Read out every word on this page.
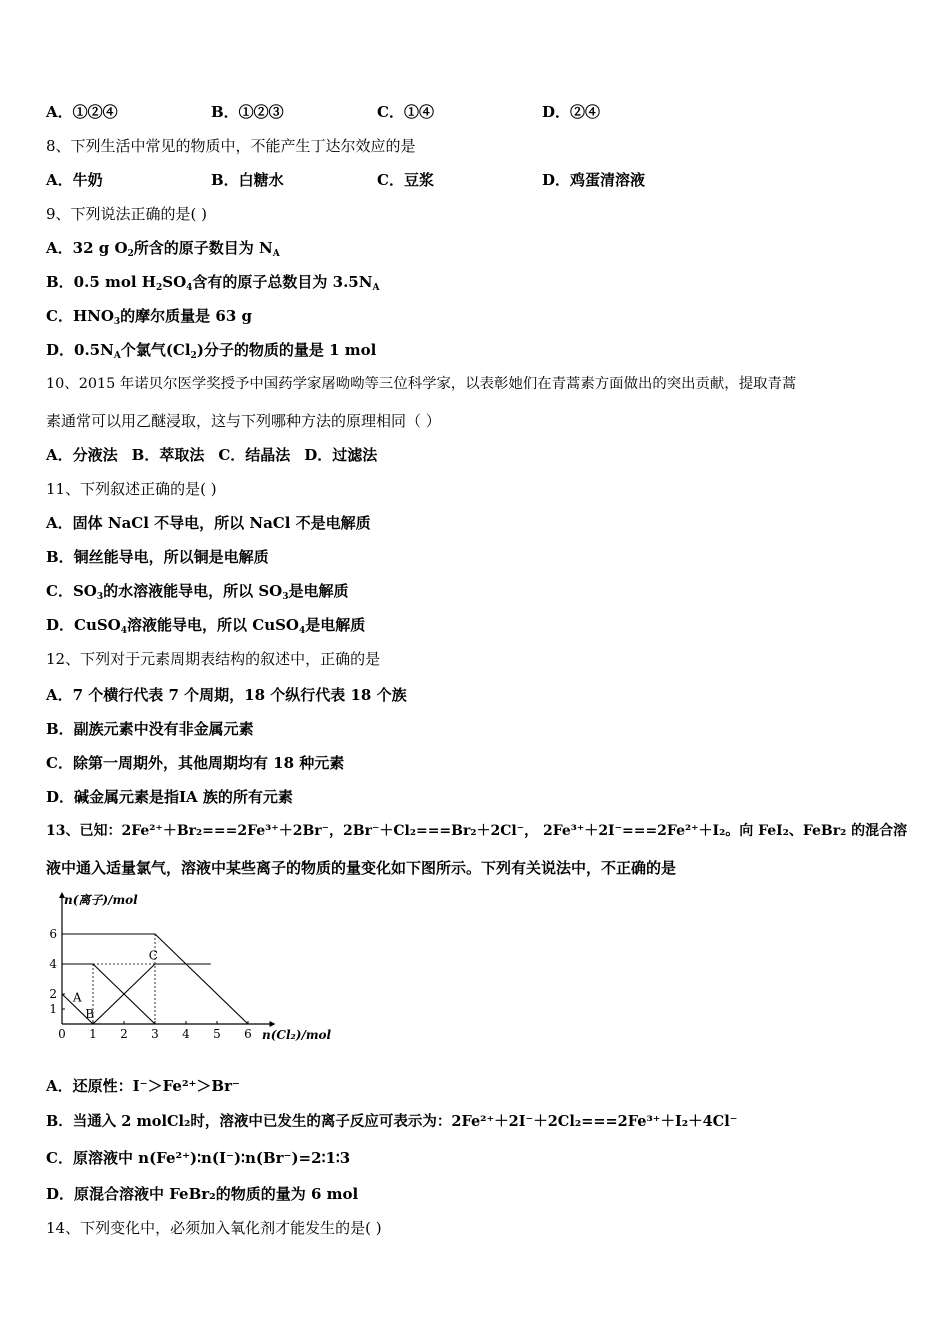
A．①②④	B．①②③	C．①④	D．②④
8、下列生活中常见的物质中，不能产生丁达尔效应的是
A．牛奶	B．白糖水	C．豆浆	D．鸡蛋清溶液
9、下列说法正确的是( )
A．32 g $O_2$所含的原子数目为 $N_A$
B．0.5 mol $H_2SO_4$含有的原子总数目为 $3.5N_A$
C．$HNO_3$的摩尔质量是 63 g
D．$0.5N_A$个氯气$(Cl_2)$分子的物质的量是 1 mol
10、2015 年诺贝尔医学奖授予中国药学家屠呦呦等三位科学家，以表彰她们在青蒿素方面做出的突出贡献，提取青蒿
素通常可以用乙醚浸取，这与下列哪种方法的原理相同（ ）
A．分液法 B．萃取法 C．结晶法 D．过滤法
11、下列叙述正确的是( )
A．固体 NaCl 不导电，所以 NaCl 不是电解质
B．铜丝能导电，所以铜是电解质
C．$SO_3$的水溶液能导电，所以 $SO_3$是电解质
D．CuSO$_4$溶液能导电，所以 CuSO$_4$是电解质
12、下列对于元素周期表结构的叙述中，正确的是
A．7 个横行代表 7 个周期，18 个纵行代表 18 个族
B．副族元素中没有非金属元素
C．除第一周期外，其他周期均有 18 种元素
D．碱金属元素是指ⅠA 族的所有元素
13、已知：2Fe²⁺＋Br₂===2Fe³⁺＋2Br⁻，2Br⁻＋Cl₂===Br₂＋2Cl⁻， 2Fe³⁺＋2I⁻===2Fe²⁺＋I₂。向 FeI₂、FeBr₂ 的混合溶
液中通入适量氯气，溶液中某些离子的物质的量变化如下图所示。下列有关说法中，不正确的是
0 1 2 3 4 5 6
1
2
4
6
A
B
C
n(离子)/mol
n(Cl₂)/mol
A．还原性：I⁻＞Fe²⁺＞Br⁻
B．当通入 2 molCl₂时，溶液中已发生的离子反应可表示为：2Fe²⁺＋2I⁻＋2Cl₂===2Fe³⁺＋I₂＋4Cl⁻
C．原溶液中 n(Fe²⁺)∶n(I⁻)∶n(Br⁻)=2∶1∶3
D．原混合溶液中 FeBr₂的物质的量为 6 mol
14、下列变化中，必须加入氧化剂才能发生的是( )
